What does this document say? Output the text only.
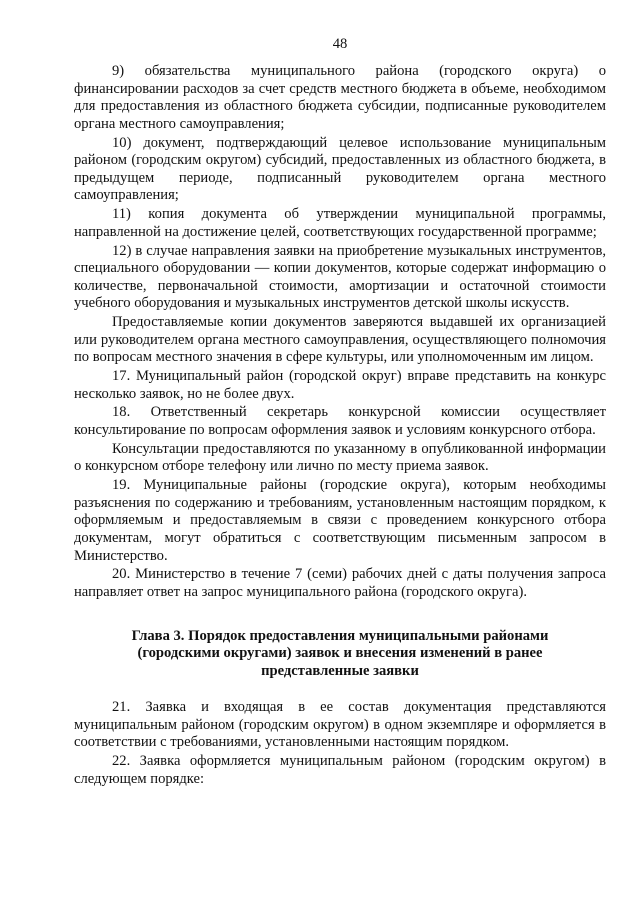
48

9) обязательства муниципального района (городского округа) о финансировании расходов за счет средств местного бюджета в объеме, необходимом для предоставления из областного бюджета субсидии, подписанные руководителем органа местного самоуправления;

10) документ, подтверждающий целевое использование муниципальным районом (городским округом) субсидий, предоставленных из областного бюджета, в предыдущем периоде, подписанный руководителем органа местного самоуправления;

11) копия документа об утверждении муниципальной программы, направленной на достижение целей, соответствующих государственной программе;

12) в случае направления заявки на приобретение музыкальных инструментов, специального оборудовании — копии документов, которые содержат информацию о количестве, первоначальной стоимости, амортизации и остаточной стоимости учебного оборудования и музыкальных инструментов детской школы искусств.

Предоставляемые копии документов заверяются выдавшей их организацией или руководителем органа местного самоуправления, осуществляющего полномочия по вопросам местного значения в сфере культуры, или уполномоченным им лицом.

17. Муниципальный район (городской округ) вправе представить на конкурс несколько заявок, но не более двух.

18. Ответственный секретарь конкурсной комиссии осуществляет консультирование по вопросам оформления заявок и условиям конкурсного отбора.

Консультации предоставляются по указанному в опубликованной информации о конкурсном отборе телефону или лично по месту приема заявок.

19. Муниципальные районы (городские округа), которым необходимы разъяснения по содержанию и требованиям, установленным настоящим порядком, к оформляемым и предоставляемым в связи с проведением конкурсного отбора документам, могут обратиться с соответствующим письменным запросом в Министерство.

20. Министерство в течение 7 (семи) рабочих дней с даты получения запроса направляет ответ на запрос муниципального района (городского округа).

Глава 3. Порядок предоставления муниципальными районами
(городскими округами) заявок и внесения изменений в ранее
представленные заявки

21. Заявка и входящая в ее состав документация представляются муниципальным районом (городским округом) в одном экземпляре и оформляется в соответствии с требованиями, установленными настоящим порядком.

22. Заявка оформляется муниципальным районом (городским округом) в следующем порядке:
